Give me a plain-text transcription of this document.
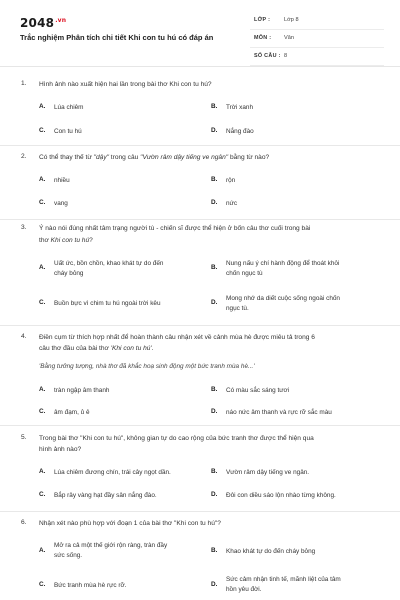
$2048^{.vn}$
Trắc nghiệm Phân tích chi tiết Khi con tu hú có đáp án
LỚP : Lớp 8
MÔN : Văn
SỐ CÂU : 8
1. Hình ảnh nào xuất hiện hai lần trong bài thơ Khi con tu hú?
A. Lúa chiêm	B. Trời xanh
C. Con tu hú	D. Nắng đào
2. Có thể thay thế từ "dậy" trong câu "Vườn râm dậy tiếng ve ngân" bằng từ nào?
A. nhiều	B. rộn
C. vang	D. nức
3. Ý nào nói đúng nhất tâm trạng người tù - chiến sĩ được thể hiện ở bốn câu thơ cuối trong bài
thơ Khi con tu hú?
A.
Uất ức, bồn chồn, khao khát tự do đến
cháy bỏng
B.
Nung nấu ý chí hành động để thoát khỏi
chốn ngục tù
C. Buồn bực vì chim tu hú ngoài trời kêu	D.
Mong nhớ da diết cuộc sống ngoài chốn
ngục tù.
4. Điền cụm từ thích hợp nhất để hoàn thành câu nhận xét về cảnh mùa hè được miêu tả trong 6
câu thơ đầu của bài thơ 'Khi con tu hú'.
'Bằng tưởng tượng, nhà thơ đã khắc hoạ sinh động một bức tranh mùa hè...'
A. tràn ngập âm thanh	B. Có màu sắc sáng tươi
C. âm đạm, ủ ê	D. náo nức âm thanh và rực rỡ sắc màu
5. Trong bài thơ "Khi con tu hú", không gian tự do cao rộng của bức tranh thơ được thể hiện qua
hình ảnh nào?
A. Lúa chiêm đương chín, trái cây ngọt dần.	B. Vườn râm dậy tiếng ve ngân.
C. Bắp rây vàng hạt đầy sân nắng đào.	D. Đôi con diều sáo lộn nhào từng không.
6. Nhận xét nào phù hợp với đoạn 1 của bài thơ "Khi con tu hú"?
A.
Mở ra cả một thế giới rộn ràng, tràn đầy
sức sống.
B. Khao khát tự do đến cháy bỏng
C. Bức tranh mùa hè rực rỡ.	D.
Sức cảm nhận tinh tế, mãnh liệt của tâm
hồn yêu đời.
